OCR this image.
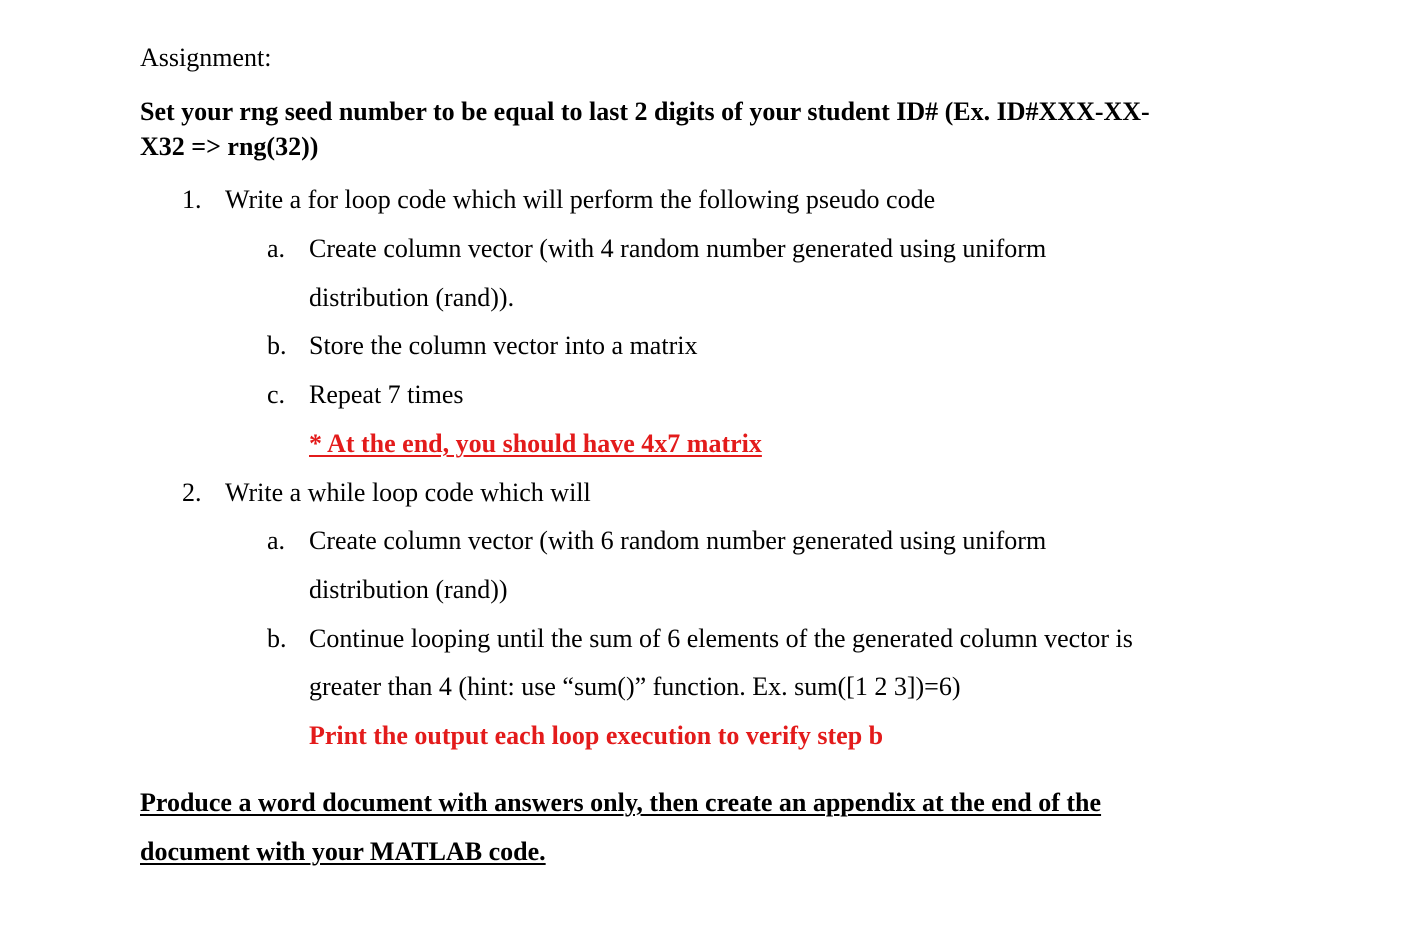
Assignment:
Set your rng seed number to be equal to last 2 digits of your student ID# (Ex. ID#XXX-XX-
X32 => rng(32))
1. Write a for loop code which will perform the following pseudo code
a. Create column vector (with 4 random number generated using uniform
distribution (rand)).
b. Store the column vector into a matrix
c. Repeat 7 times
* At the end, you should have 4x7 matrix
2. Write a while loop code which will
a. Create column vector (with 6 random number generated using uniform
distribution (rand))
b. Continue looping until the sum of 6 elements of the generated column vector is
greater than 4 (hint: use “sum()” function. Ex. sum([1 2 3])=6)
Print the output each loop execution to verify step b
Produce a word document with answers only, then create an appendix at the end of the
document with your MATLAB code.
